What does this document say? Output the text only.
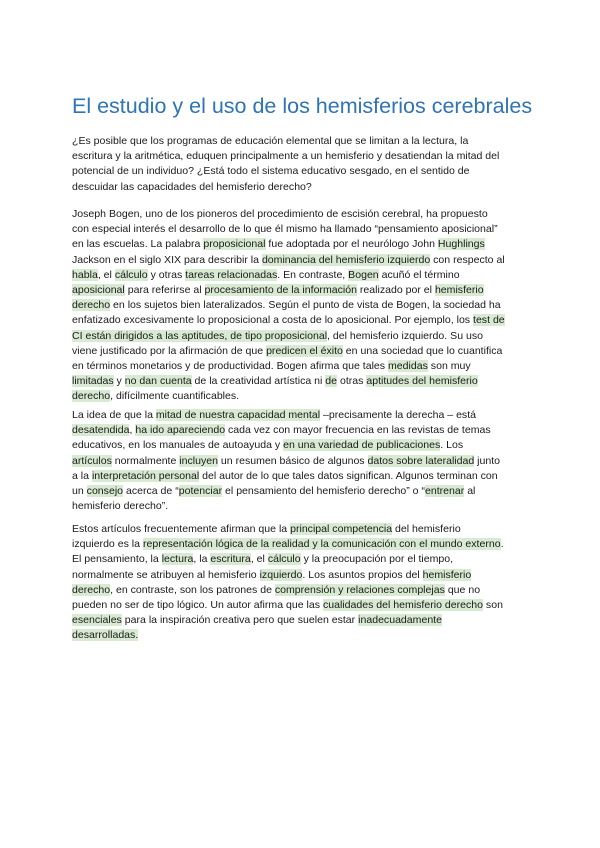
El estudio y el uso de los hemisferios cerebrales
¿Es posible que los programas de educación elemental que se limitan a la lectura, la
escritura y la aritmética, eduquen principalmente a un hemisferio y desatiendan la mitad del
potencial de un individuo? ¿Está todo el sistema educativo sesgado, en el sentido de
descuidar las capacidades del hemisferio derecho?
Joseph Bogen, uno de los pioneros del procedimiento de escisión cerebral, ha propuesto
con especial interés el desarrollo de lo que él mismo ha llamado “pensamiento aposicional”
en las escuelas. La palabra proposicional fue adoptada por el neurólogo John Hughlings
Jackson en el siglo XIX para describir la dominancia del hemisferio izquierdo con respecto al
habla, el cálculo y otras tareas relacionadas. En contraste, Bogen acuñó el término
aposicional para referirse al procesamiento de la información realizado por el hemisferio
derecho en los sujetos bien lateralizados. Según el punto de vista de Bogen, la sociedad ha
enfatizado excesivamente lo proposicional a costa de lo aposicional. Por ejemplo, los test de
CI están dirigidos a las aptitudes, de tipo proposicional, del hemisferio izquierdo. Su uso
viene justificado por la afirmación de que predicen el éxito en una sociedad que lo cuantifica
en términos monetarios y de productividad. Bogen afirma que tales medidas son muy
limitadas y no dan cuenta de la creatividad artística ni de otras aptitudes del hemisferio
derecho, difícilmente cuantificables.
La idea de que la mitad de nuestra capacidad mental –precisamente la derecha – está
desatendida, ha ido apareciendo cada vez con mayor frecuencia en las revistas de temas
educativos, en los manuales de autoayuda y en una variedad de publicaciones. Los
artículos normalmente incluyen un resumen básico de algunos datos sobre lateralidad junto
a la interpretación personal del autor de lo que tales datos significan. Algunos terminan con
un consejo acerca de “potenciar el pensamiento del hemisferio derecho” o “entrenar al
hemisferio derecho”.
Estos artículos frecuentemente afirman que la principal competencia del hemisferio
izquierdo es la representación lógica de la realidad y la comunicación con el mundo externo.
El pensamiento, la lectura, la escritura, el cálculo y la preocupación por el tiempo,
normalmente se atribuyen al hemisferio izquierdo. Los asuntos propios del hemisferio
derecho, en contraste, son los patrones de comprensión y relaciones complejas que no
pueden no ser de tipo lógico. Un autor afirma que las cualidades del hemisferio derecho son
esenciales para la inspiración creativa pero que suelen estar inadecuadamente
desarrolladas.
